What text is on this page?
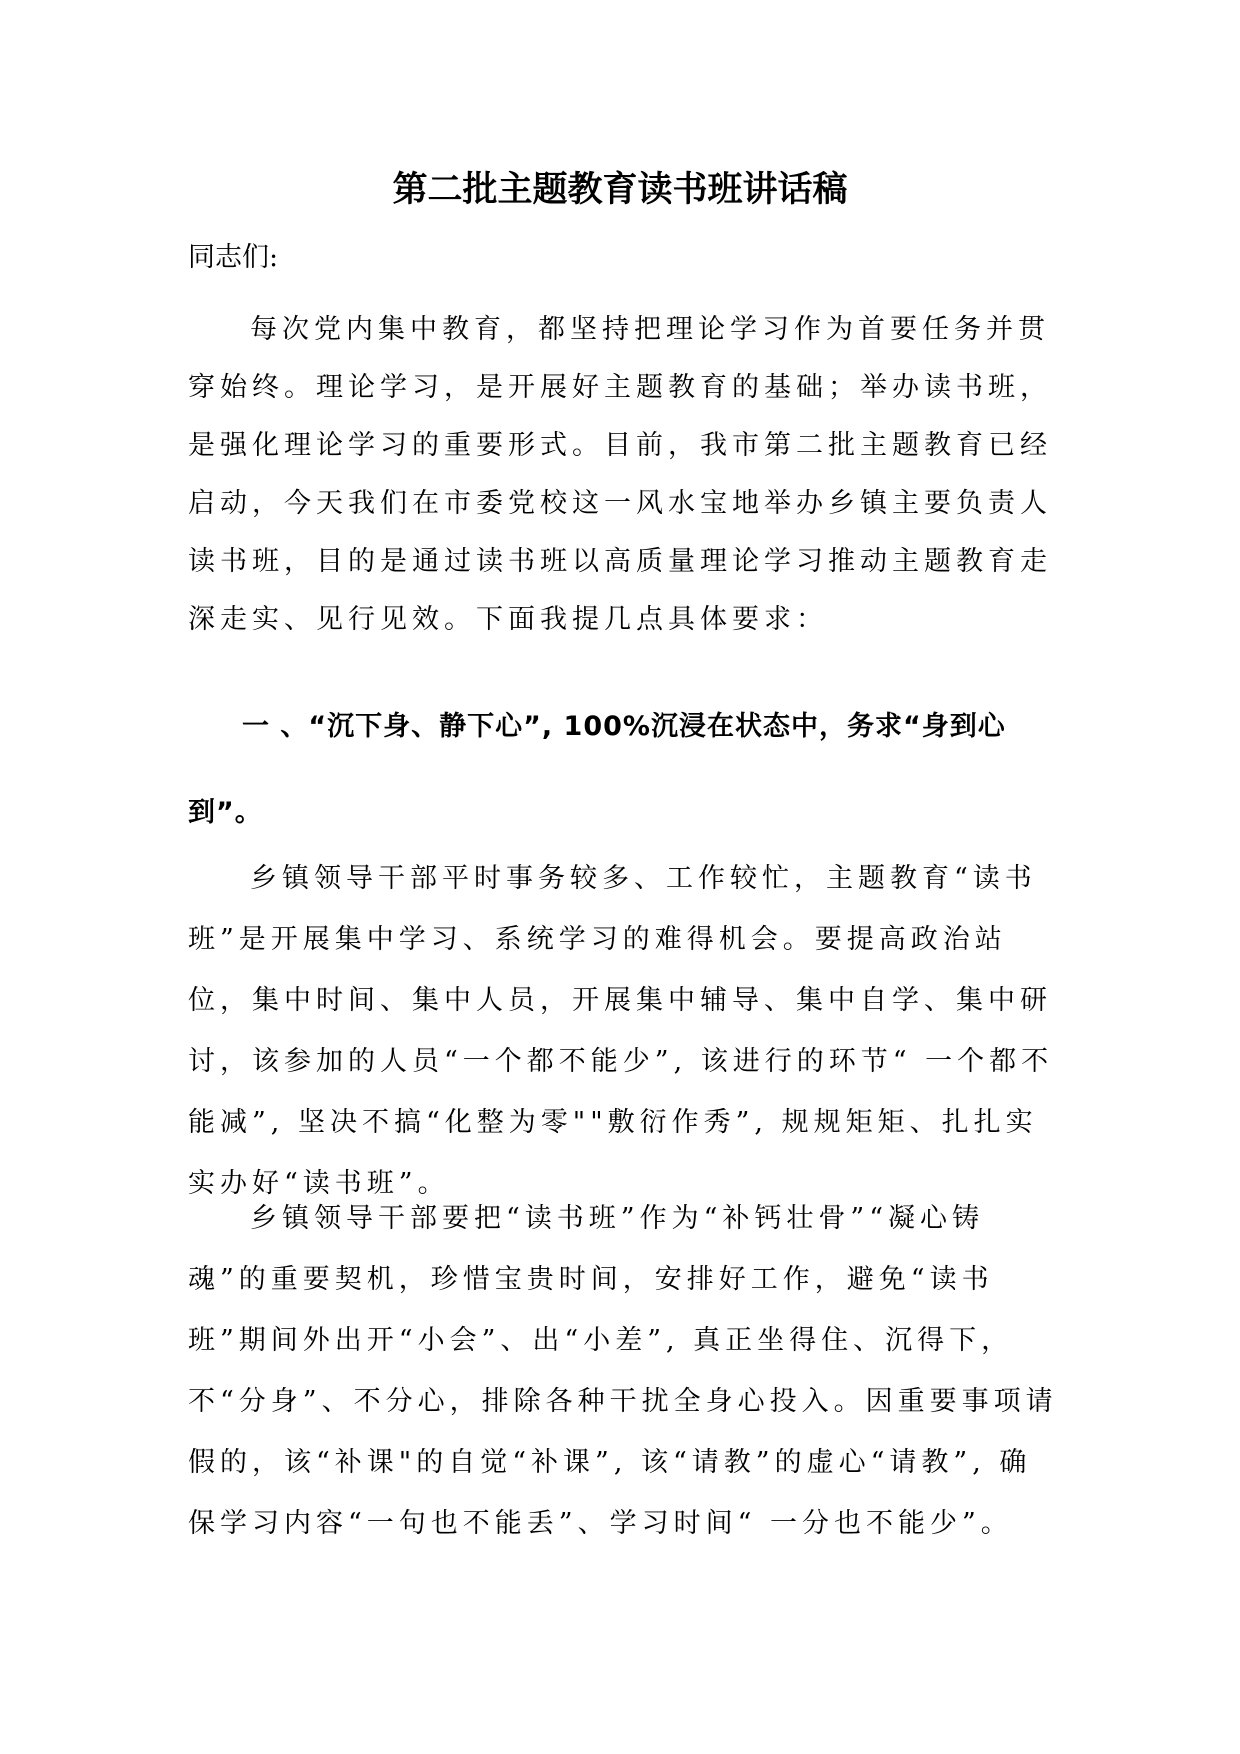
第二批主题教育读书班讲话稿

同志们:

每次党内集中教育，都坚持把理论学习作为首要任务并贯穿始终。理论学习，是开展好主题教育的基础；举办读书班，是强化理论学习的重要形式。目前，我市第二批主题教育已经启动，今天我们在市委党校这一风水宝地举办乡镇主要负责人读书班，目的是通过读书班以高质量理论学习推动主题教育走深走实、见行见效。下面我提几点具体要求：

一 、“沉下身、静下心”, 100%沉浸在状态中，务求“身到心到”。

乡镇领导干部平时事务较多、工作较忙，主题教育“读书班”是开展集中学习、系统学习的难得机会。要提高政治站位，集中时间、集中人员，开展集中辅导、集中自学、集中研讨，该参加的人员“一个都不能少”, 该进行的环节“ 一个都不能减”, 坚决不搞“化整为零""敷衍作秀”, 规规矩矩、扎扎实实办好“读书班”。

乡镇领导干部要把“读书班”作为“补钙壮骨”“凝心铸魂”的重要契机，珍惜宝贵时间，安排好工作，避免“读书班”期间外出开“小会”、出“小差”, 真正坐得住、沉得下，不“分身”、不分心，排除各种干扰全身心投入。因重要事项请假的，该“补课"的自觉“补课”, 该“请教”的虚心“请教”, 确保学习内容“一句也不能丢”、学习时间“ 一分也不能少”。
